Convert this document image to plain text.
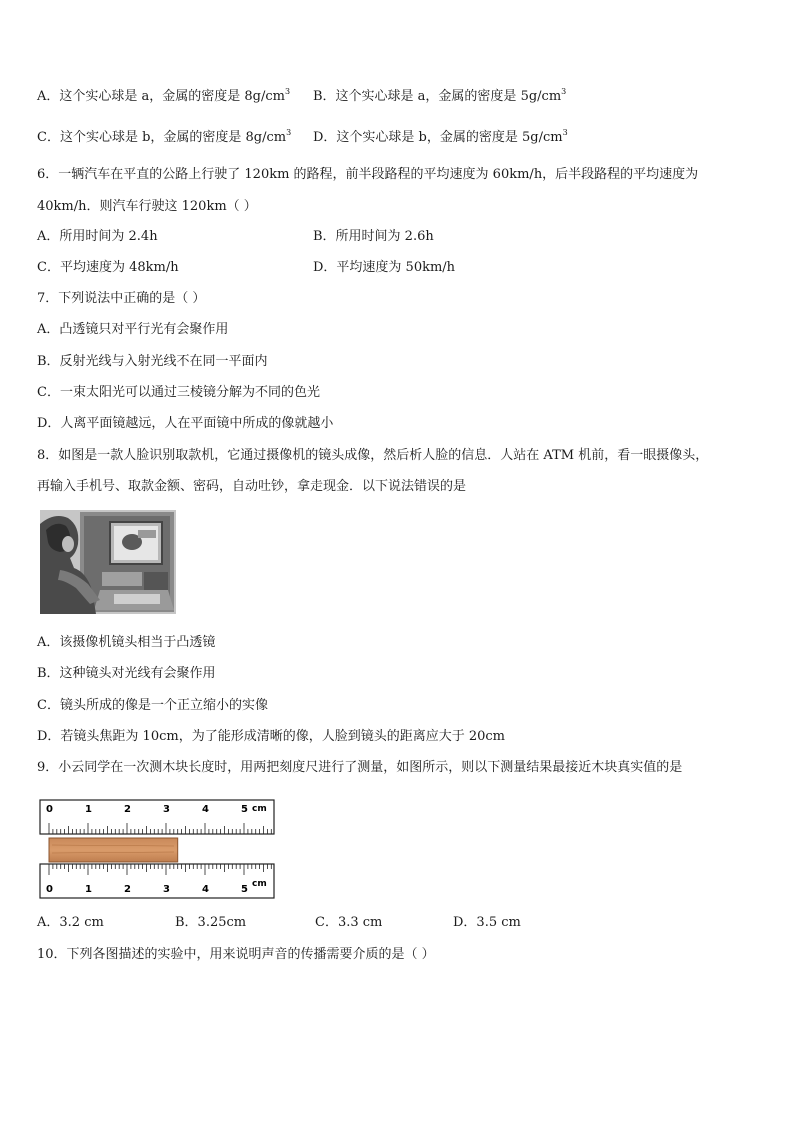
A．这个实心球是 a，金属的密度是 $8g/cm^3$ B．这个实心球是 a，金属的密度是 $5g/cm^3$
C．这个实心球是 b，金属的密度是 $8g/cm^3$ D．这个实心球是 b，金属的密度是 $5g/cm^3$
6．一辆汽车在平直的公路上行驶了 120km 的路程，前半段路程的平均速度为 60km/h，后半段路程的平均速度为
40km/h．则汽车行驶这 120km（ ）
A．所用时间为 2.4h	B．所用时间为 2.6h
C．平均速度为 48km/h	D．平均速度为 50km/h
7．下列说法中正确的是（ ）
A．凸透镜只对平行光有会聚作用
B．反射光线与入射光线不在同一平面内
C．一束太阳光可以通过三棱镜分解为不同的色光
D．人离平面镜越远，人在平面镜中所成的像就越小
8．如图是一款人脸识别取款机，它通过摄像机的镜头成像，然后析人脸的信息．人站在 ATM 机前，看一眼摄像头，
再输入手机号、取款金额、密码，自动吐钞，拿走现金．以下说法错误的是
A．该摄像机镜头相当于凸透镜
B．这种镜头对光线有会聚作用
C．镜头所成的像是一个正立缩小的实像
D．若镜头焦距为 10cm，为了能形成清晰的像，人脸到镜头的距离应大于 20cm
9．小云同学在一次测木块长度时，用两把刻度尺进行了测量，如图所示，则以下测量结果最接近木块真实值的是
0	1	2	3	4	5
0	1	2	3	4	5
cm
cm
A．3.2 cm	B．3.25cm	C．3.3 cm	D．3.5 cm
10．下列各图描述的实验中，用来说明声音的传播需要介质的是（ ）
